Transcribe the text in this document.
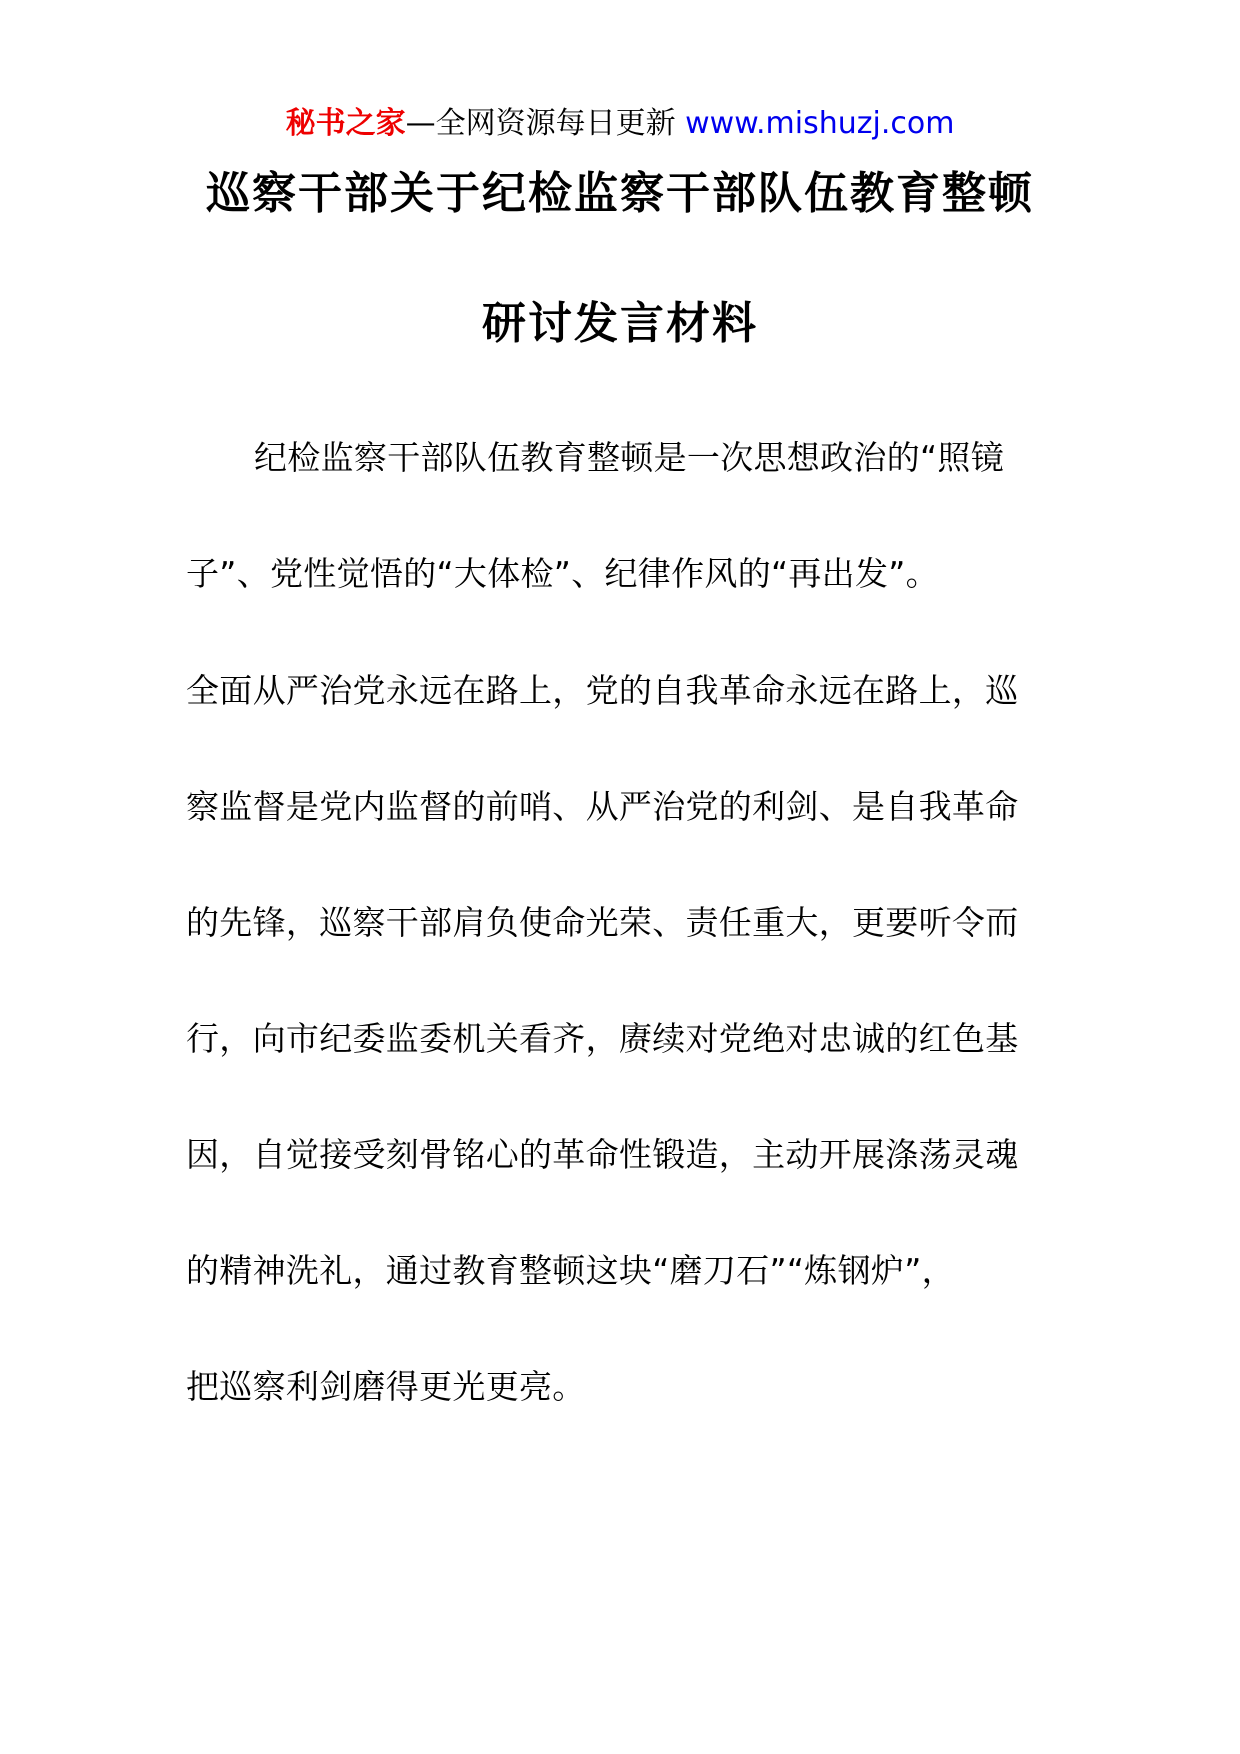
秘书之家—全网资源每日更新 www.mishuzj.com
巡察干部关于纪检监察干部队伍教育整顿
研讨发言材料
纪检监察干部队伍教育整顿是一次思想政治的“照镜
子”、党性觉悟的“大体检”、纪律作风的“再出发”。
全面从严治党永远在路上，党的自我革命永远在路上，巡
察监督是党内监督的前哨、从严治党的利剑、是自我革命
的先锋，巡察干部肩负使命光荣、责任重大，更要听令而
行，向市纪委监委机关看齐，赓续对党绝对忠诚的红色基
因，自觉接受刻骨铭心的革命性锻造，主动开展涤荡灵魂
的精神洗礼，通过教育整顿这块“磨刀石”“炼钢炉”，
把巡察利剑磨得更光更亮。
